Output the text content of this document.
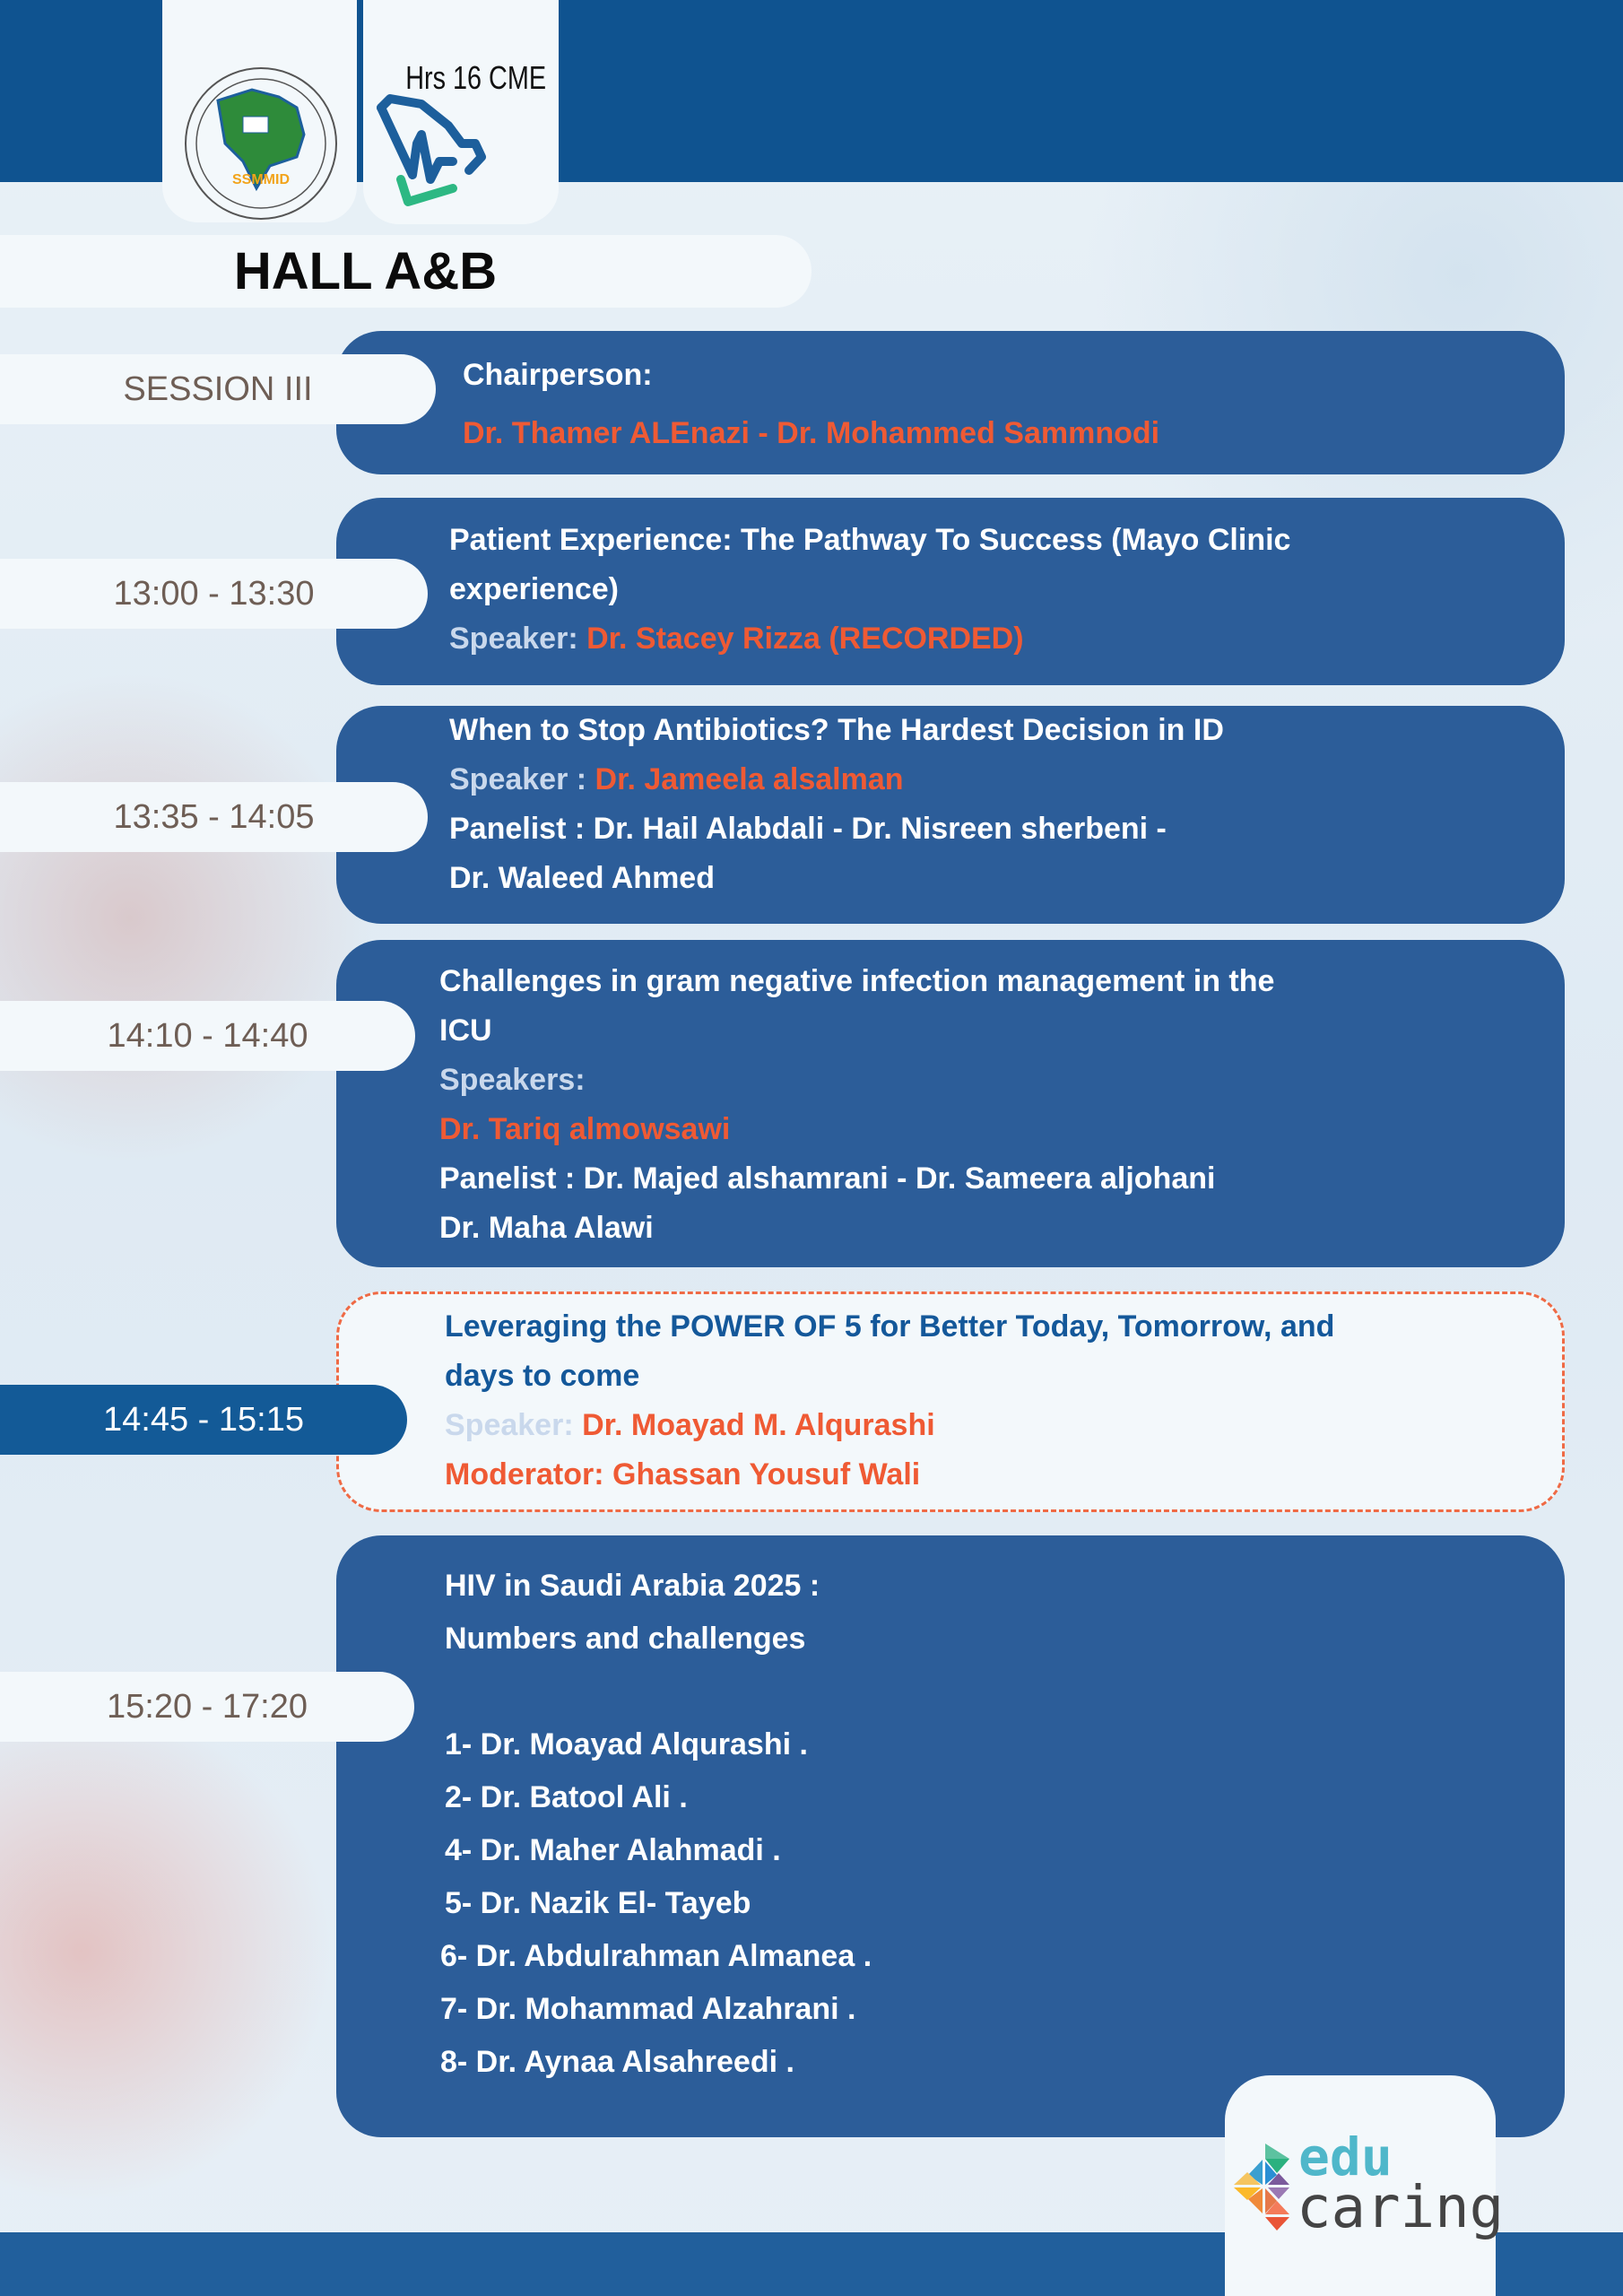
SSMMID
Hrs 16 CME
HALL A&B
Chairperson:
Dr. Thamer ALEnazi - Dr. Mohammed Sammnodi
SESSION III
Patient Experience: The Pathway To Success (Mayo Clinic
experience)
Speaker: Dr. Stacey Rizza (RECORDED)
13:00 - 13:30
When to Stop Antibiotics? The Hardest Decision in ID
Speaker : Dr. Jameela alsalman
Panelist : Dr. Hail Alabdali - Dr. Nisreen sherbeni -
Dr. Waleed Ahmed
13:35 - 14:05
Challenges in gram negative infection management in the
ICU
Speakers:
Dr. Tariq almowsawi
Panelist : Dr. Majed alshamrani - Dr. Sameera aljohani
Dr. Maha Alawi
14:10 - 14:40
Leveraging the POWER OF 5 for Better Today, Tomorrow, and
days to come
Speaker: Dr. Moayad M. Alqurashi
Moderator: Ghassan Yousuf Wali
14:45 - 15:15
HIV in Saudi Arabia 2025 :
Numbers and challenges
1- Dr. Moayad Alqurashi .
2- Dr. Batool Ali .
4- Dr. Maher Alahmadi .
5- Dr. Nazik El- Tayeb
6- Dr. Abdulrahman Almanea .
7- Dr. Mohammad Alzahrani .
8- Dr. Aynaa Alsahreedi .
15:20 - 17:20
edu
caring
